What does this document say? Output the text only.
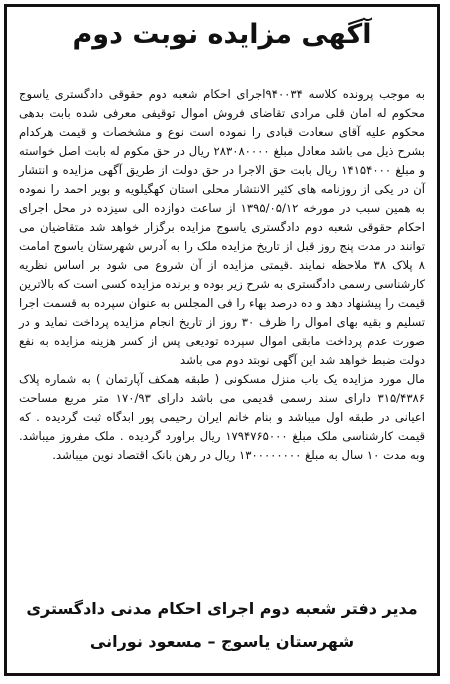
آگهی مزایده نوبت دوم

به موجب پرونده کلاسه ۹۴۰۰۳۴اجرای احکام شعبه دوم حقوقی دادگستری یاسوج محکوم له امان قلی مرادی تقاضای فروش اموال توقیفی معرفی شده بابت بدهی محکوم علیه آقای سعادت قبادی را نموده است نوع و مشخصات و قیمت هرکدام بشرح ذیل می باشد معادل مبلغ ۲۸۳۰۸۰۰۰۰ ریال در حق مکوم له بابت اصل خواسته و مبلغ ۱۴۱۵۴۰۰۰ ریال بابت حق الاجرا در حق دولت از طریق آگهی مزایده و انتشار آن در یکی از روزنامه های کثیر الانتشار محلی استان کهگیلویه و بویر احمد را نموده به همین سبب در مورخه ۱۳۹۵/۰۵/۱۲ از ساعت دوازده الی سیزده در محل اجرای احکام حقوقی شعبه دوم دادگستری یاسوج مزایده برگزار خواهد شد متقاضیان می توانند در مدت پنج روز قبل از تاریخ مزایده ملک را به آدرس شهرستان یاسوج امامت ۸ پلاک ۳۸ ملاحظه نمایند .قیمتی مزایده از آن شروع می شود بر اساس نظریه کارشناسی رسمی دادگستری به شرح زیر بوده و برنده مزایده کسی است که بالاترین قیمت را پیشنهاد دهد و ده درصد بهاء را فی المجلس به عنوان سپرده به قسمت اجرا تسلیم و بقیه بهای اموال را ظرف ۳۰ روز از تاریخ انجام مزایده پرداخت نماید و در صورت عدم پرداخت مابقی اموال سپرده تودیعی پس از کسر هزینه مزایده به نفع دولت ضبط خواهد شد این آگهی نوبتد دوم می باشد

مال مورد مزایده یک باب منزل مسکونی ( طبقه همکف آپارتمان ) به شماره پلاک ۳۱۵/۴۳۸۶ دارای سند رسمی قدیمی می باشد دارای ۱۷۰/۹۳ متر مربع مساحت اعیانی در طبقه اول میباشد و بنام خانم ایران رحیمی پور ابدگاه ثبت گردیده . که قیمت کارشناسی ملک مبلغ ۱۷۹۴۷۶۵۰۰۰ ریال براورد گردیده . ملک مفروز میباشد. وبه مدت ۱۰ سال به مبلغ ۱۳۰۰۰۰۰۰۰۰ ریال در رهن بانک اقتصاد نوین میباشد.

مدیر دفتر شعبه دوم اجرای احکام مدنی دادگستری
شهرستان یاسوج – مسعود نورانی
